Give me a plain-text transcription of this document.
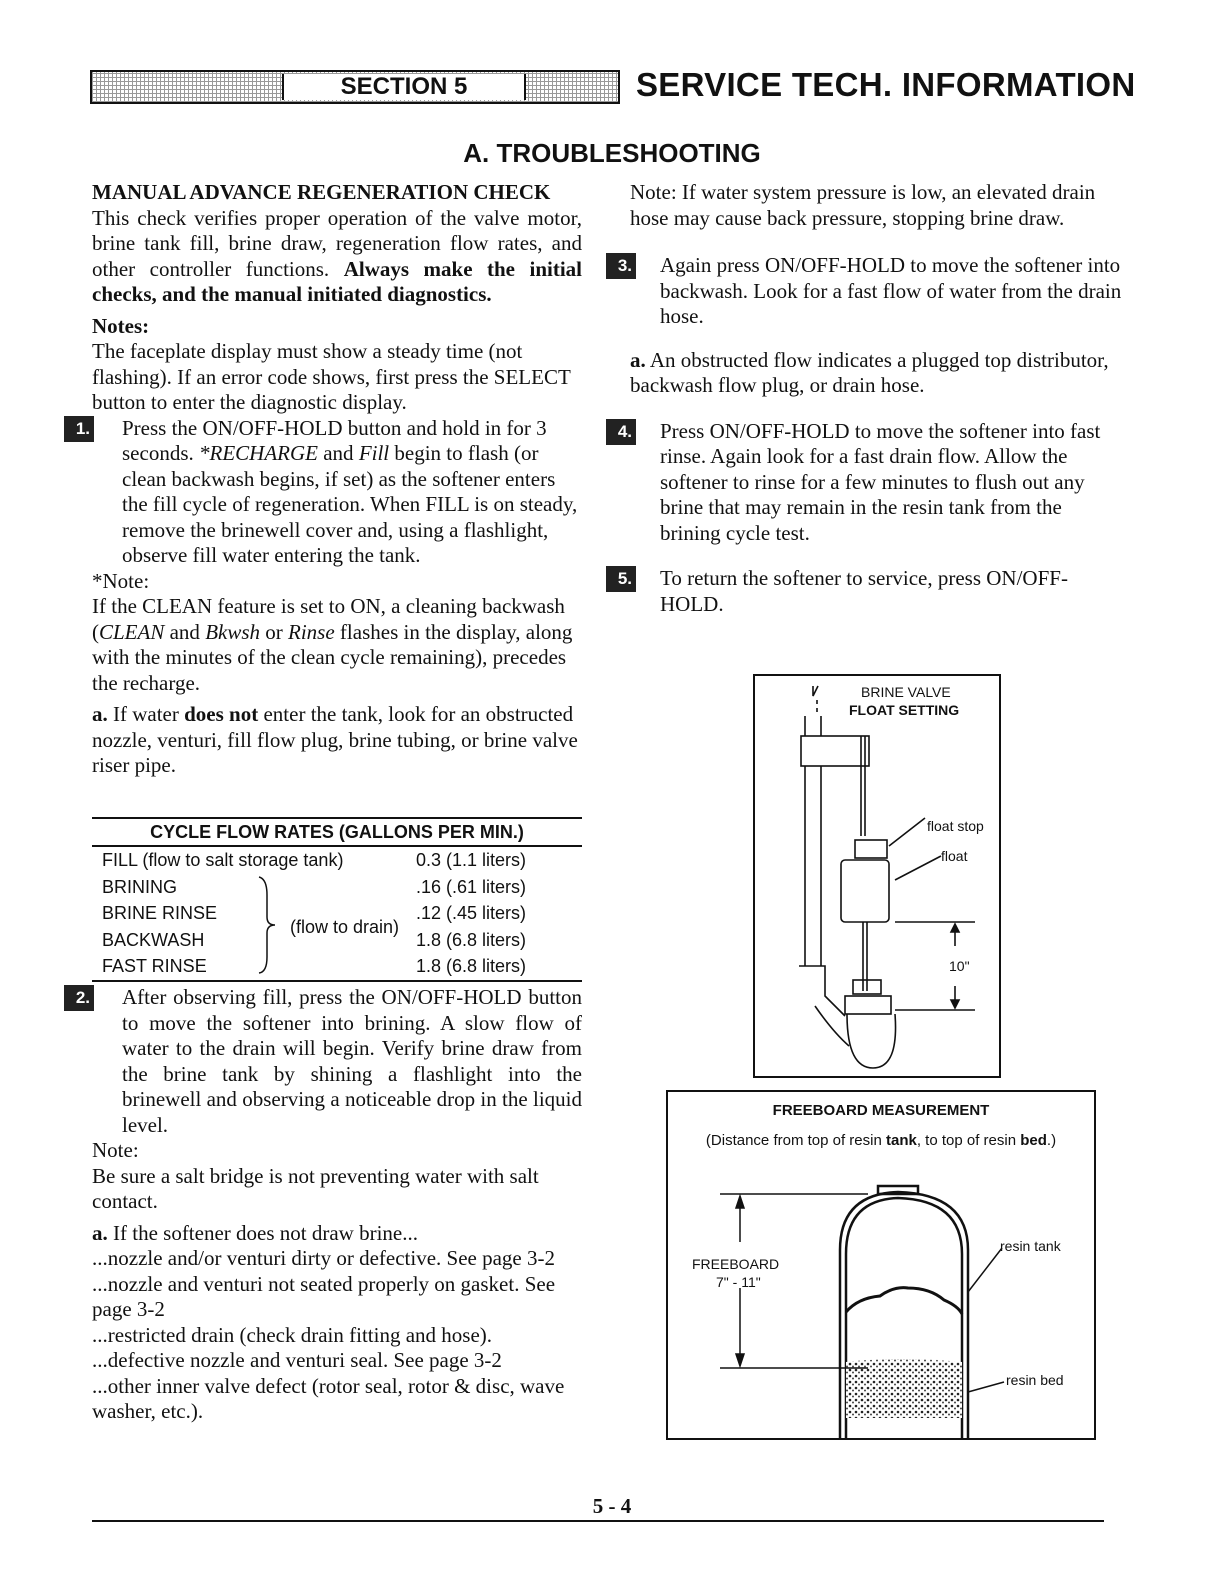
SECTION 5	SERVICE TECH. INFORMATION
A. TROUBLESHOOTING

MANUAL ADVANCE REGENERATION CHECK

This check verifies proper operation of the valve motor, brine tank fill, brine draw, regeneration flow rates, and other controller functions. Always make the initial checks, and the manual initiated diagnostics.

Notes:

The faceplate display must show a steady time (not flashing). If an error code shows, first press the SELECT button to enter the diagnostic display.

1. Press the ON/OFF-HOLD button and hold in for 3 seconds. *RECHARGE and Fill begin to flash (or clean backwash begins, if set) as the softener enters the fill cycle of regeneration. When FILL is on steady, remove the brinewell cover and, using a flashlight, observe fill water entering the tank.

*Note:

If the CLEAN feature is set to ON, a cleaning backwash (CLEAN and Bkwsh or Rinse flashes in the display, along with the minutes of the clean cycle remaining), precedes the recharge.

a. If water does not enter the tank, look for an obstructed nozzle, venturi, fill flow plug, brine tubing, or brine valve riser pipe.

CYCLE FLOW RATES (GALLONS PER MIN.)
FILL (flow to salt storage tank)	0.3 (1.1 liters)
BRINING	.16 (.61 liters)
BRINE RINSE	.12 (.45 liters)
BACKWASH	1.8 (6.8 liters)
FAST RINSE	1.8 (6.8 liters)
(flow to drain)
2. After observing fill, press the ON/OFF-HOLD button to move the softener into brining. A slow flow of water to the drain will begin. Verify brine draw from the brine tank by shining a flashlight into the brinewell and observing a noticeable drop in the liquid level.

Note:

Be sure a salt bridge is not preventing water with salt contact.

a. If the softener does not draw brine...

...nozzle and/or venturi dirty or defective. See page 3-2

...nozzle and venturi not seated properly on gasket. See page 3-2

...restricted drain (check drain fitting and hose).

...defective nozzle and venturi seal. See page 3-2

...other inner valve defect (rotor seal, rotor & disc, wave washer, etc.).

Note: If water system pressure is low, an elevated drain hose may cause back pressure, stopping brine draw.

3. Again press ON/OFF-HOLD to move the softener into backwash. Look for a fast flow of water from the drain hose.

a. An obstructed flow indicates a plugged top distributor, backwash flow plug, or drain hose.

4. Press ON/OFF-HOLD to move the softener into fast rinse. Again look for a fast drain flow. Allow the softener to rinse for a few minutes to flush out any brine that may remain in the resin tank from the brining cycle test.
5. To return the softener to service, press ON/OFF-HOLD.
BRINE VALVE
FLOAT SETTING
float stop
float
10"
FREEBOARD MEASUREMENT
(Distance from top of resin tank, to top of resin bed.)
FREEBOARD
7" - 11"
resin tank
resin bed
5 - 4
